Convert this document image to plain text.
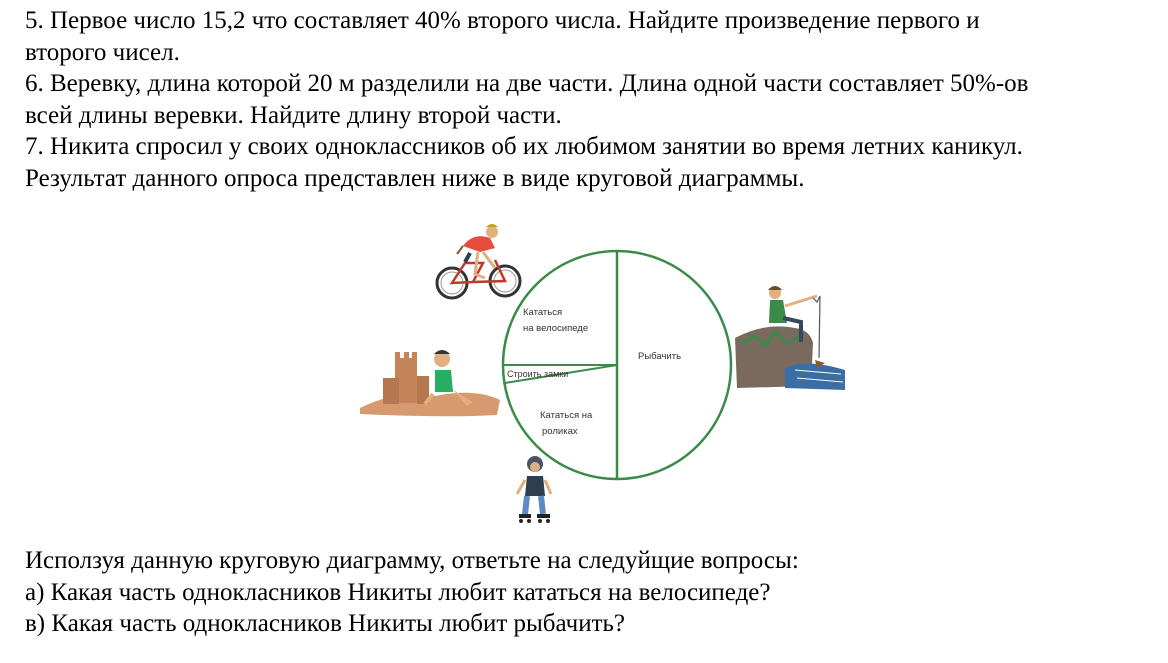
5. Первое число 15,2 что составляет 40% второго числа. Найдите произведение первого и
второго чисел.
6. Веревку, длина которой 20 м разделили на две части. Длина одной части составляет 50%-ов
всей длины веревки. Найдите длину второй части.
7. Никита спросил у своих одноклассников об их любимом занятии во время летних каникул.
Результат данного опроса представлен ниже в виде круговой диаграммы.
Кататься
на велосипеде
Рыбачить
Строить замки
Кататься на
роликах
Исползуя данную круговую диаграмму, ответьте на следуйщие вопросы:
а) Какая часть одноклаcников Никиты любит кататься на велосипеде?
в) Какая часть одноклаcников Никиты любит рыбачить?
